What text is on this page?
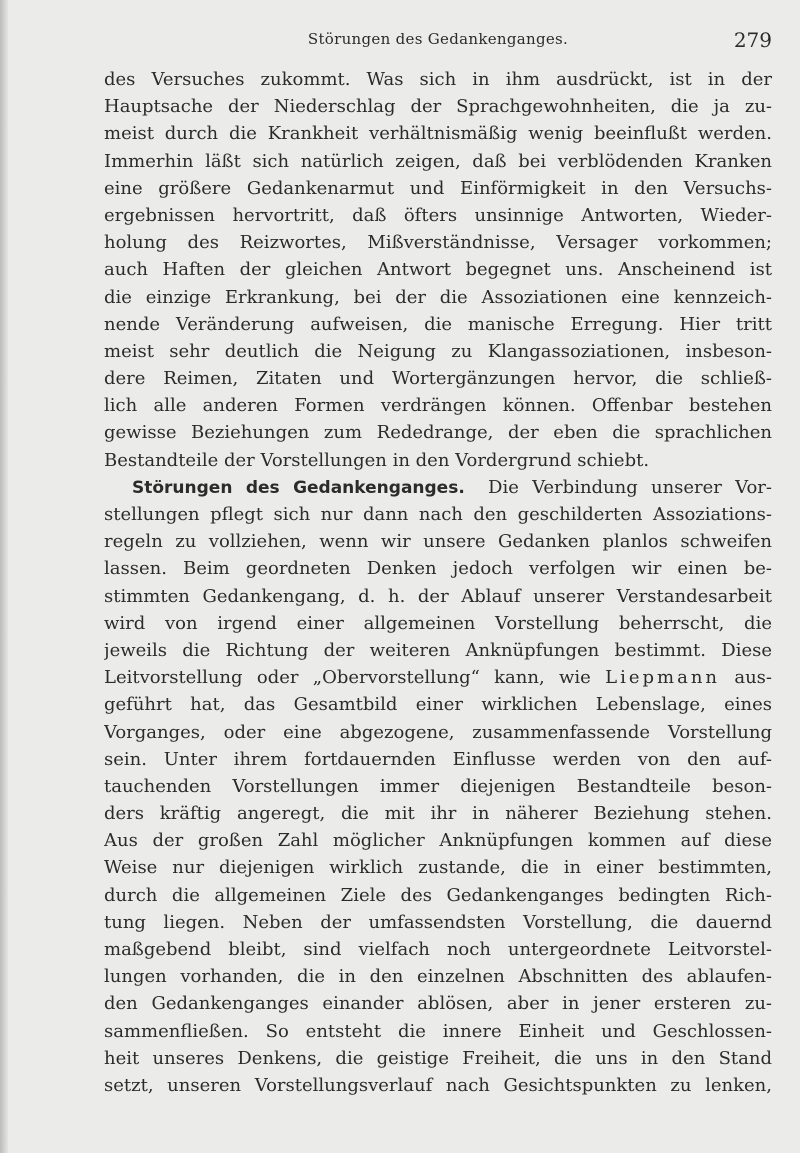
Störungen des Gedankenganges.	279
des Versuches zukommt. Was sich in ihm ausdrückt, ist in der
Hauptsache der Niederschlag der Sprachgewohnheiten, die ja zu-
meist durch die Krankheit verhältnismäßig wenig beeinflußt werden.
Immerhin läßt sich natürlich zeigen, daß bei verblödenden Kranken
eine größere Gedankenarmut und Einförmigkeit in den Versuchs-
ergebnissen hervortritt, daß öfters unsinnige Antworten, Wieder-
holung des Reizwortes, Mißverständnisse, Versager vorkommen;
auch Haften der gleichen Antwort begegnet uns. Anscheinend ist
die einzige Erkrankung, bei der die Assoziationen eine kennzeich-
nende Veränderung aufweisen, die manische Erregung. Hier tritt
meist sehr deutlich die Neigung zu Klangassoziationen, insbeson-
dere Reimen, Zitaten und Wortergänzungen hervor, die schließ-
lich alle anderen Formen verdrängen können. Offenbar bestehen
gewisse Beziehungen zum Rededrange, der eben die sprachlichen
Bestandteile der Vorstellungen in den Vordergrund schiebt.
Störungen des Gedankenganges. Die Verbindung unserer Vor-
stellungen pflegt sich nur dann nach den geschilderten Assoziations-
regeln zu vollziehen, wenn wir unsere Gedanken planlos schweifen
lassen. Beim geordneten Denken jedoch verfolgen wir einen be-
stimmten Gedankengang, d. h. der Ablauf unserer Verstandesarbeit
wird von irgend einer allgemeinen Vorstellung beherrscht, die
jeweils die Richtung der weiteren Anknüpfungen bestimmt. Diese
Leitvorstellung oder „Obervorstellung“ kann, wie Liepmann aus-
geführt hat, das Gesamtbild einer wirklichen Lebenslage, eines
Vorganges, oder eine abgezogene, zusammenfassende Vorstellung
sein. Unter ihrem fortdauernden Einflusse werden von den auf-
tauchenden Vorstellungen immer diejenigen Bestandteile beson-
ders kräftig angeregt, die mit ihr in näherer Beziehung stehen.
Aus der großen Zahl möglicher Anknüpfungen kommen auf diese
Weise nur diejenigen wirklich zustande, die in einer bestimmten,
durch die allgemeinen Ziele des Gedankenganges bedingten Rich-
tung liegen. Neben der umfassendsten Vorstellung, die dauernd
maßgebend bleibt, sind vielfach noch untergeordnete Leitvorstel-
lungen vorhanden, die in den einzelnen Abschnitten des ablaufen-
den Gedankenganges einander ablösen, aber in jener ersteren zu-
sammenfließen. So entsteht die innere Einheit und Geschlossen-
heit unseres Denkens, die geistige Freiheit, die uns in den Stand
setzt, unseren Vorstellungsverlauf nach Gesichtspunkten zu lenken,
